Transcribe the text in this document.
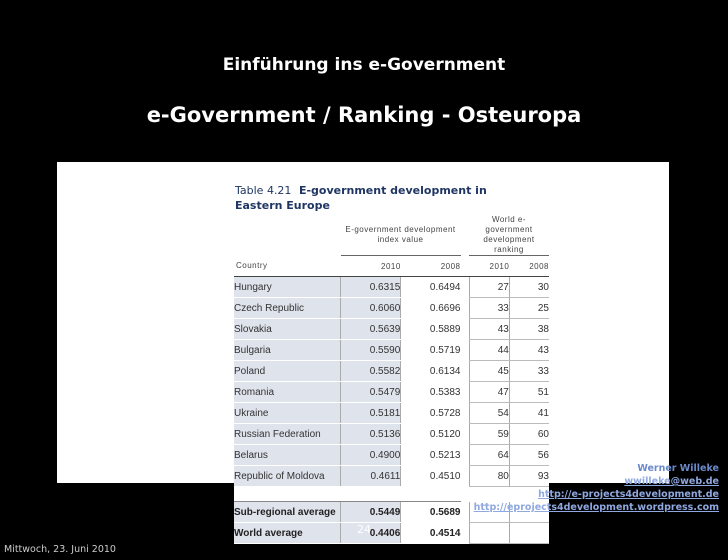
Einführung ins e-Government
e-Government / Ranking - Osteuropa
Table 4.21 E-government development in
Eastern Europe
	E-government development index value			World e-government development ranking	
Country	2010	2008		2010	2008
Hungary	0.6315	0.6494		27	30
Czech Republic	0.6060	0.6696		33	25
Slovakia	0.5639	0.5889		43	38
Bulgaria	0.5590	0.5719		44	43
Poland	0.5582	0.6134		45	33
Romania	0.5479	0.5383		47	51
Ukraine	0.5181	0.5728		54	41
Russian Federation	0.5136	0.5120		59	60
Belarus	0.4900	0.5213		64	56
Republic of Moldova	0.4611	0.4510		80	93

Sub-regional average	0.5449	0.5689			
World average	0.4406	0.4514			
Werner Willeke
wwilleke@web.de
http://e-projects4development.de
http://eprojects4development.wordpress.com
24
Mittwoch, 23. Juni 2010
